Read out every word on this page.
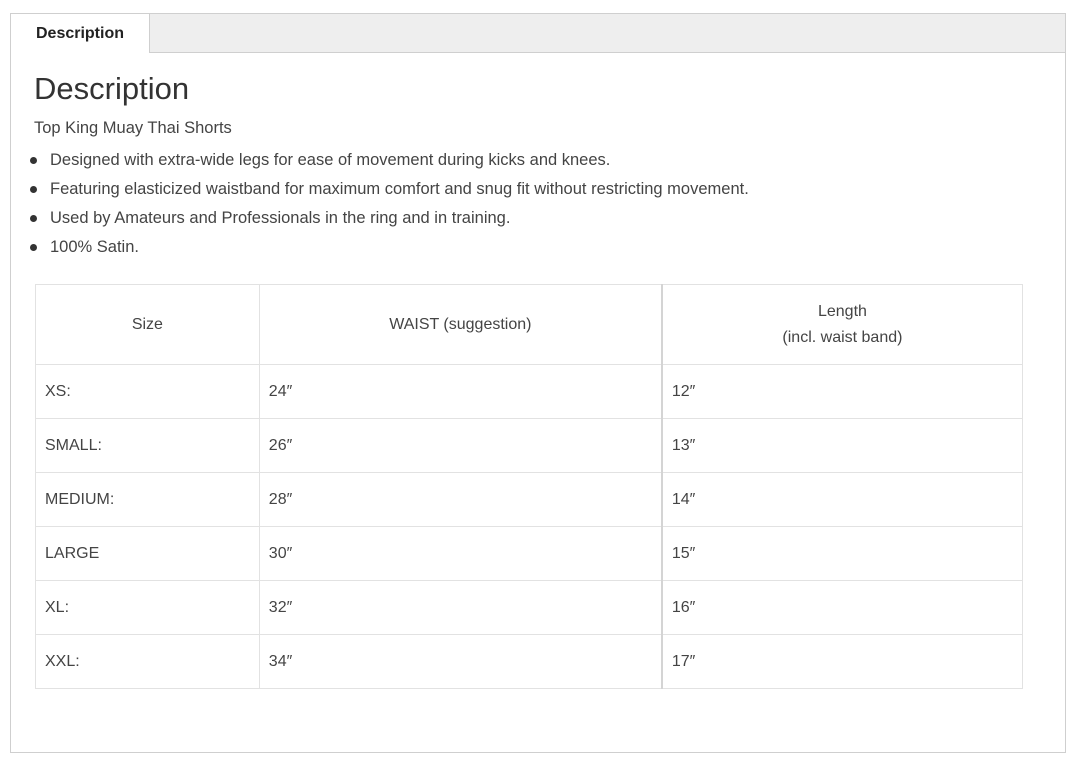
Description
Description
Top King Muay Thai Shorts
Designed with extra-wide legs for ease of movement during kicks and knees.
Featuring elasticized waistband for maximum comfort and snug fit without restricting movement.
Used by Amateurs and Professionals in the ring and in training.
100% Satin.
Size	WAIST (suggestion)	Length
(incl. waist band)

XS:	24″	12″
SMALL:	26″	13″
MEDIUM:	28″	14″
LARGE	30″	15″
XL:	32″	16″
XXL:	34″	17″
